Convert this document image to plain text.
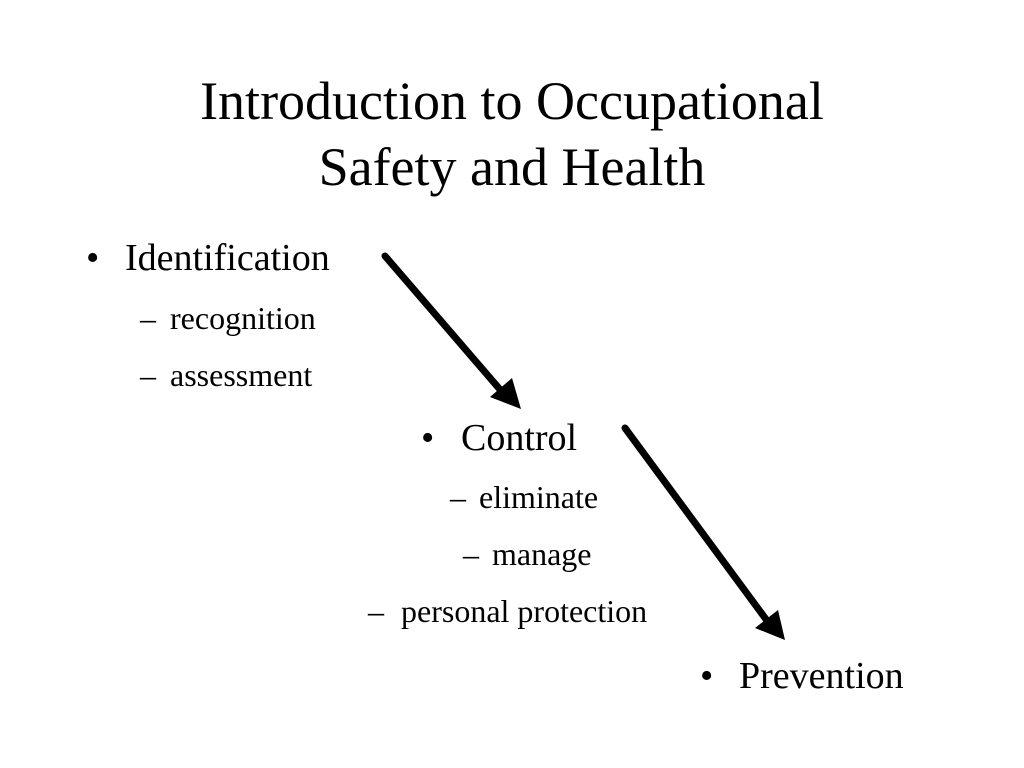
Introduction to Occupational
Safety and Health
• Identification
– recognition
– assessment
• Control
– eliminate
– manage
– personal protection
• Prevention
